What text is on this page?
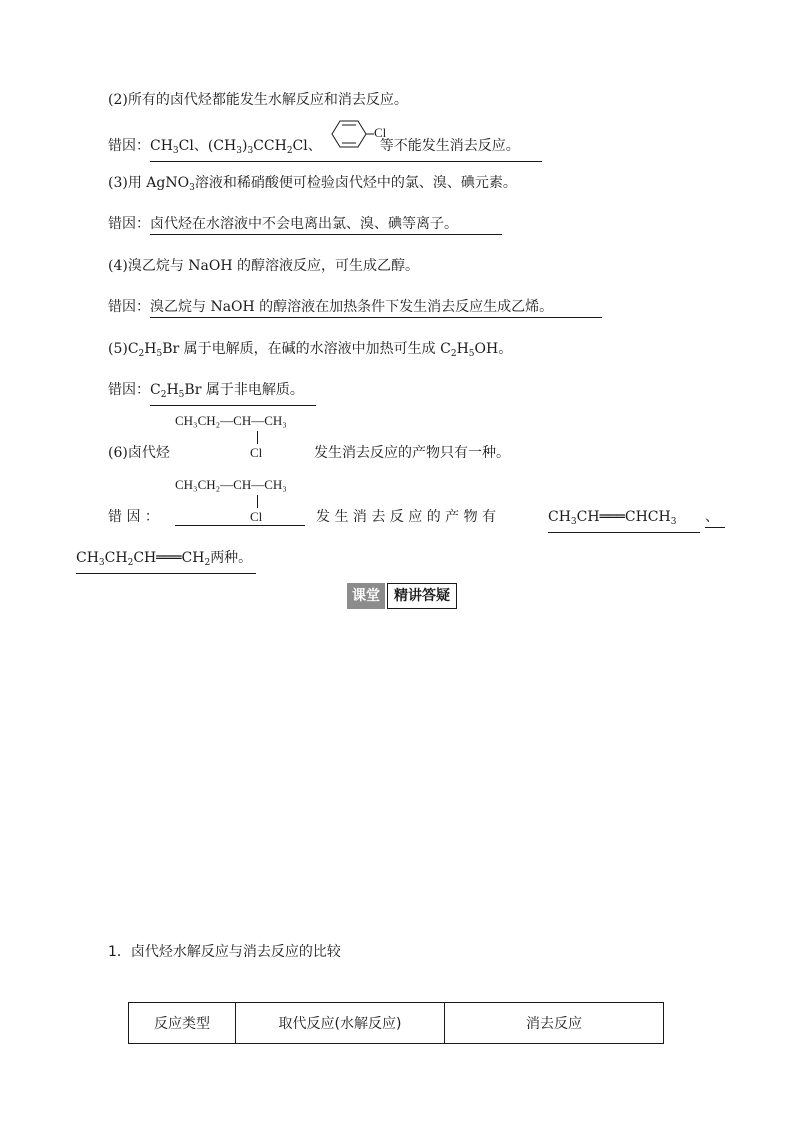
(2)所有的卤代烃都能发生水解反应和消去反应。
错因：$CH_3Cl$、$(CH_3)_3CCH_2Cl$、	等不能发生消去反应。
Cl
(3)用 AgNO$_3$溶液和稀硝酸便可检验卤代烃中的氯、溴、碘元素。
错因：卤代烃在水溶液中不会电离出氯、溴、碘等离子。
(4)溴乙烷与 NaOH 的醇溶液反应，可生成乙醇。
错因：溴乙烷与 NaOH 的醇溶液在加热条件下发生消去反应生成乙烯。
$(5)C_2H_5Br$ 属于电解质，在碱的水溶液中加热可生成 $C_2H_5OH$。
错因：$C_2H_5Br$ 属于非电解质。
CH₃CH₂—CH—CH₃
Cl
(6)卤代烃	发生消去反应的产物只有一种。
CH₃CH₂—CH—CH₃
Cl
错 因 ：	发 生 消 去 反 应 的 产 物 有	$CH_3CH═══CHCH_3$	、
$CH_3CH_2CH═══CH_2$两种。
课堂	精讲答疑
1．卤代烃水解反应与消去反应的比较
反应类型	取代反应(水解反应)	消去反应
